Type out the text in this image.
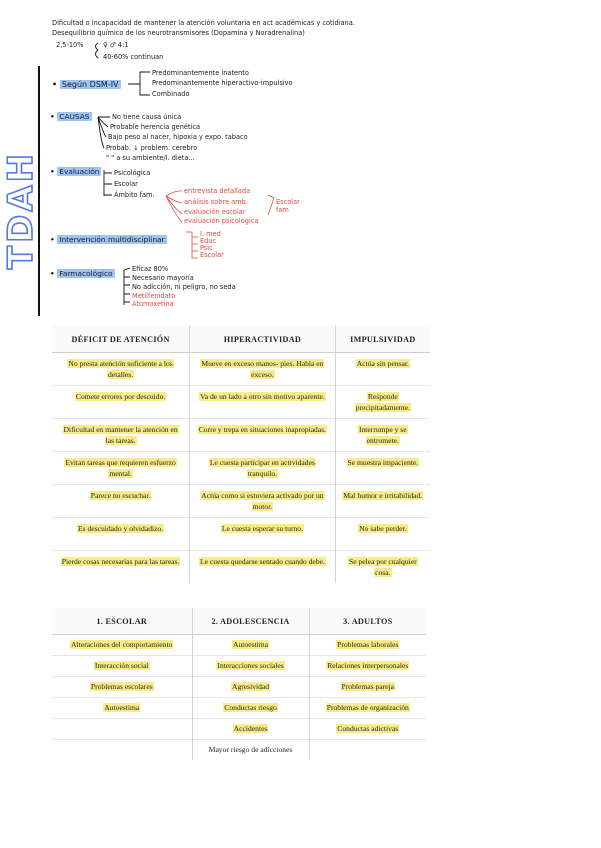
Dificultad o incapacidad de mantener la atención voluntaria en act académicas y cotidiana.
Desequilibrio químico de los neurotransmisores (Dopamina y Noradrenalina)
2,5-10%	♀ ♂ 4:1
40-60% continuan
TDAH
• Según DSM-IV
Predominantemente inatento
Predominantemente hiperactivo-impulsivo
Combinado
• CAUSAS	No tiene causa única
Probable herencia genética
Bajo peso al nacer, hipoxia y expo. tabaco
Probab. ↓ problem. cerebro
" " a su ambiente/l. dieta...
• Evaluación	Psicológica
Escolar
Ámbito fam.	entrevista detallada
análisis sobre amb.
evaluación escolar
evaluación psicológica
Escolar fam
• Intervención multidisciplinar
I. med
Educ
Psic
Escolar
• Farmacológico	Eficaz 80%
Necesario mayoría
No adicción, ni peligro, no seda
Metilfenidato
Atomoxetina
DÉFICIT DE ATENCIÓN	HIPERACTIVIDAD	IMPULSIVIDAD
No presta atención suficiente a los detalles.	Mueve en exceso manos- pies. Habla en exceso.	Actúa sin pensar.
Comete errores por descuido.	Va de un lado a otro sin motivo aparente.	Responde precipitadamente.
Dificultad en mantener la atención en las tareas.	Corre y trepa en situaciones inapropiadas.	Interrumpe y se entromete.
Evitan tareas que requieren esfuerzo mental.	Le cuesta participar en actividades tranquilo.	Se muestra impaciente.
Parece no escuchar.	Actúa como si estuviera activado por un motor.	Mal humor e irritabilidad.
Es descuidado y olvidadizo.	Le cuesta esperar su turno.	No sabe perder.
Pierde cosas necesarias para las tareas.	Le cuesta quedarse sentado cuando debe.	Se pelea por cualquier cosa.
1. ESCOLAR	2. ADOLESCENCIA	3. ADULTOS
Alteraciones del comportamiento	Autoestima	Problemas laborales
Interacción social	Interacciones sociales	Relaciones interpersonales
Problemas escolares	Agresividad	Problemas pareja
Autoestima	Conductas riesgo	Problemas de organización
	Accidentes	Conductas adictivas
	Mayor riesgo de adicciones	
